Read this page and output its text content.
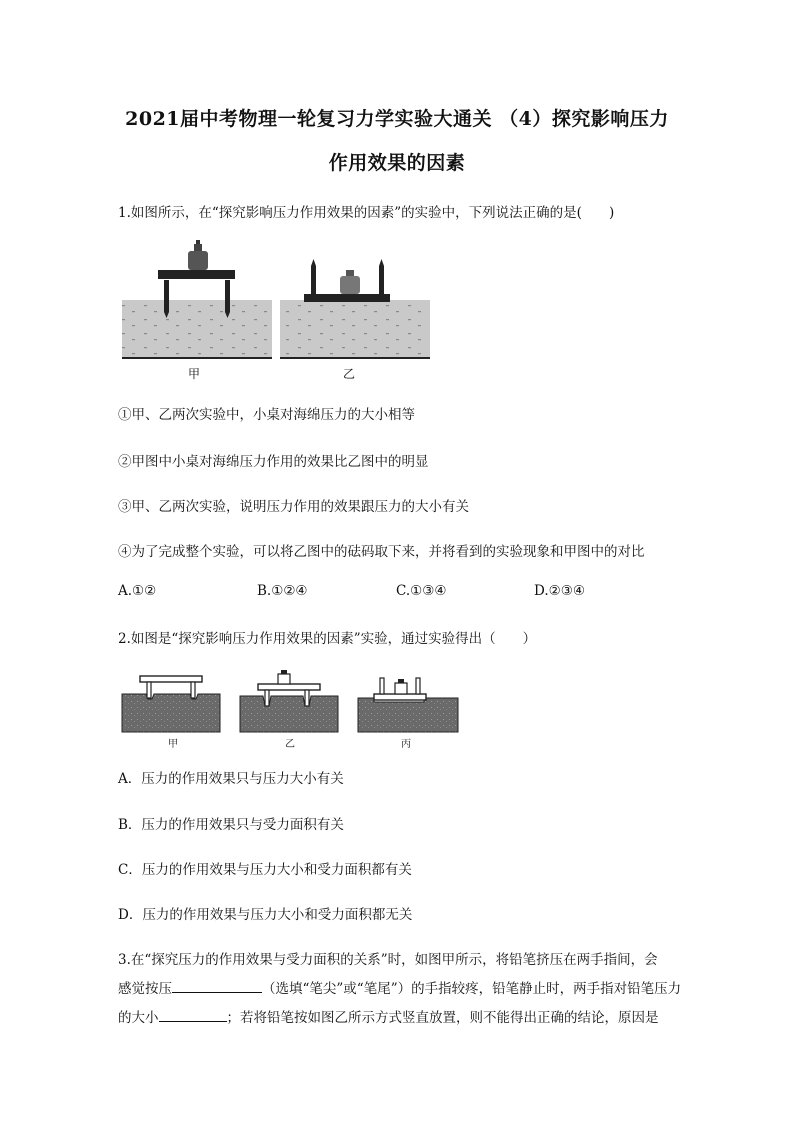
2021届中考物理一轮复习力学实验大通关 （4）探究影响压力
作用效果的因素
1.如图所示，在“探究影响压力作用效果的因素”的实验中，下列说法正确的是(　　)
甲	乙
①甲、乙两次实验中，小桌对海绵压力的大小相等
②甲图中小桌对海绵压力作用的效果比乙图中的明显
③甲、乙两次实验，说明压力作用的效果跟压力的大小有关
④为了完成整个实验，可以将乙图中的砝码取下来，并将看到的实验现象和甲图中的对比
A.①②	B.①②④	C.①③④	D.②③④
2.如图是“探究影响压力作用效果的因素”实验，通过实验得出（　　）
甲	乙	丙
A．压力的作用效果只与压力大小有关
B．压力的作用效果只与受力面积有关
C．压力的作用效果与压力大小和受力面积都有关
D．压力的作用效果与压力大小和受力面积都无关
3.在“探究压力的作用效果与受力面积的关系”时，如图甲所示，将铅笔挤压在两手指间，会
感觉按压	（选填“笔尖”或“笔尾”）的手指较疼，铅笔静止时，两手指对铅笔压力
的大小	；若将铅笔按如图乙所示方式竖直放置，则不能得出正确的结论，原因是
